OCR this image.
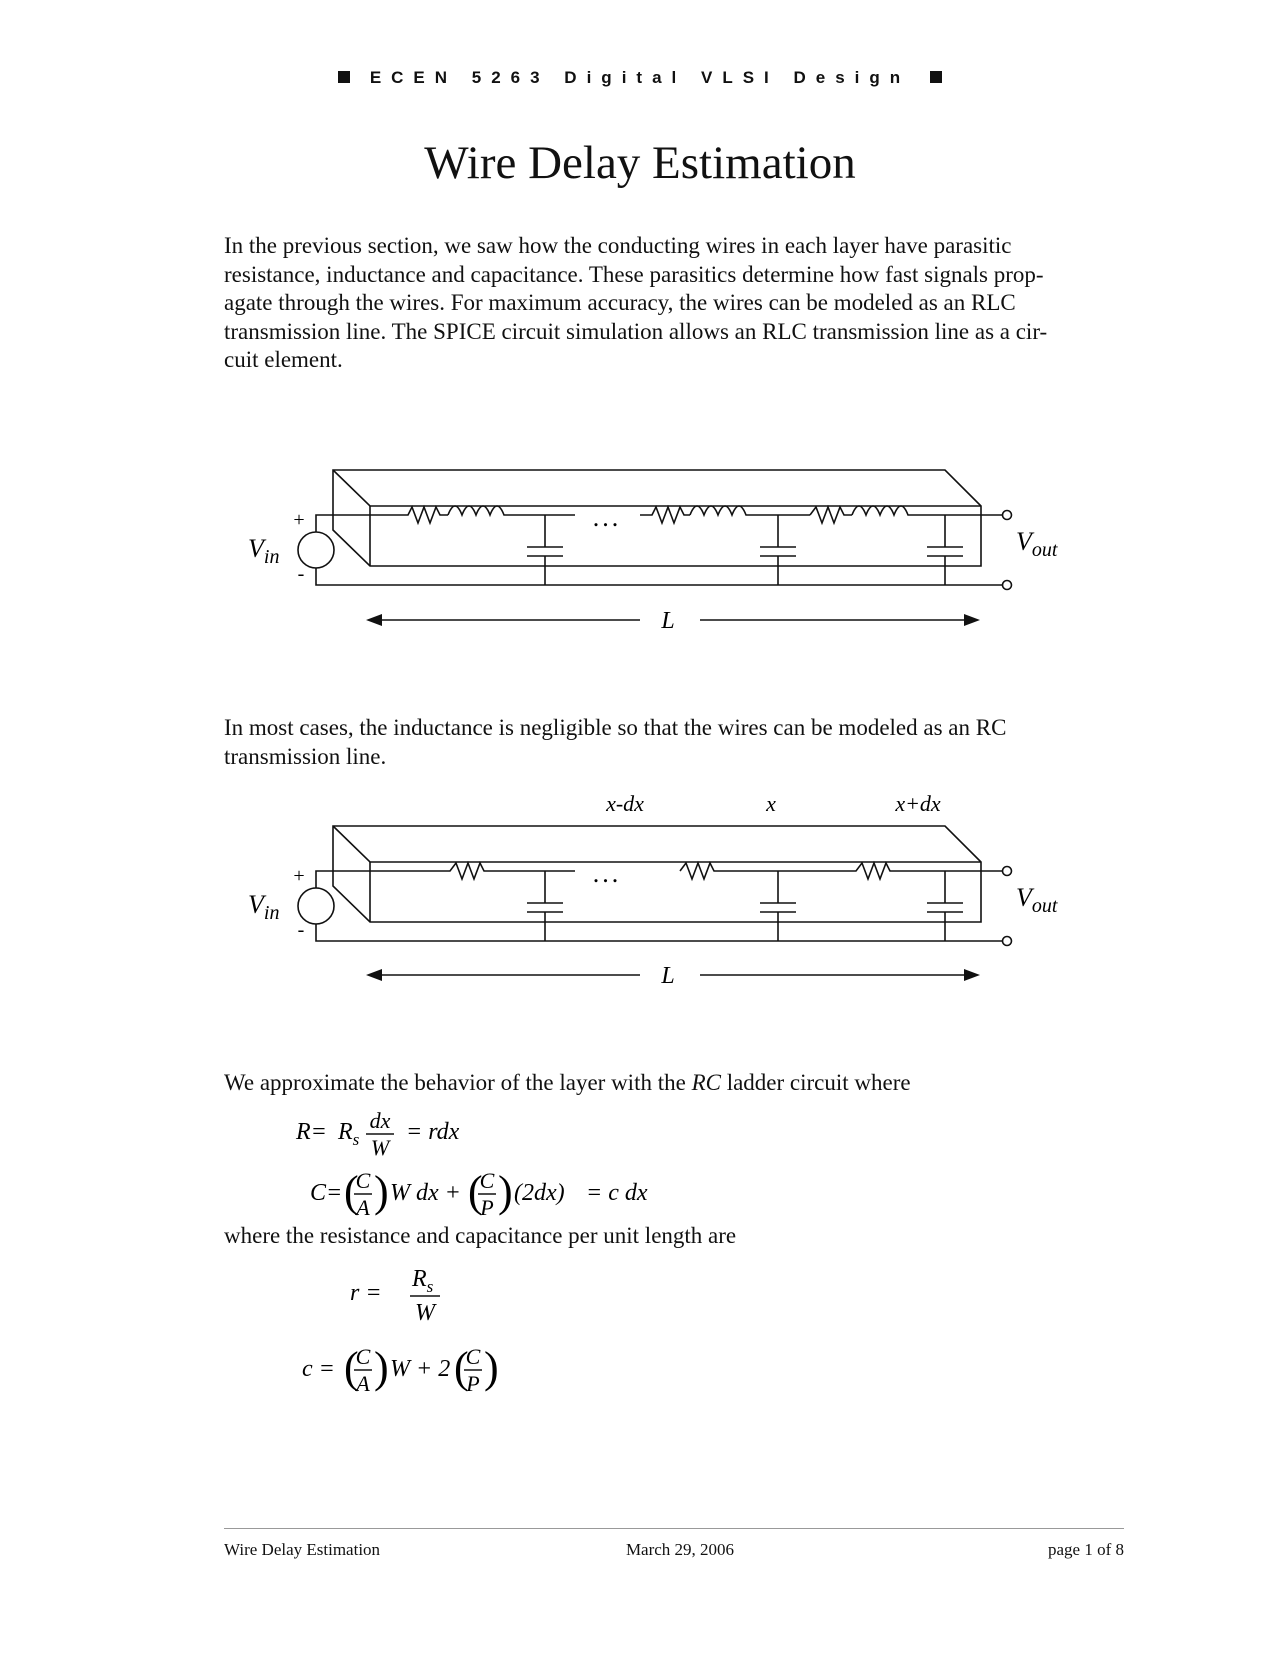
ECEN 5263 Digital VLSI Design
Wire Delay Estimation
In the previous section, we saw how the conducting wires in each layer have parasitic
resistance, inductance and capacitance. These parasitics determine how fast signals prop-
agate through the wires. For maximum accuracy, the wires can be modeled as an RLC
transmission line. The SPICE circuit simulation allows an RLC transmission line as a cir-
cuit element.
+
-
$V_{in}$
$V_{out}$
...
L
In most cases, the inductance is negligible so that the wires can be modeled as an RC
transmission line.
x-dx	x	x+dx
+
-
$V_{in}$
$V_{out}$
...
L
We approximate the behavior of the layer with the RC ladder circuit where
$R= R_s$
dx
W
= rdx
C= (
C
A ) W dx + (
C
P ) (2dx) = c dx
where the resistance and capacitance per unit length are
r =
$R_s$
W
c = (
C
A ) W + 2 (
C
P )
Wire Delay Estimation	March 29, 2006	page 1 of 8
